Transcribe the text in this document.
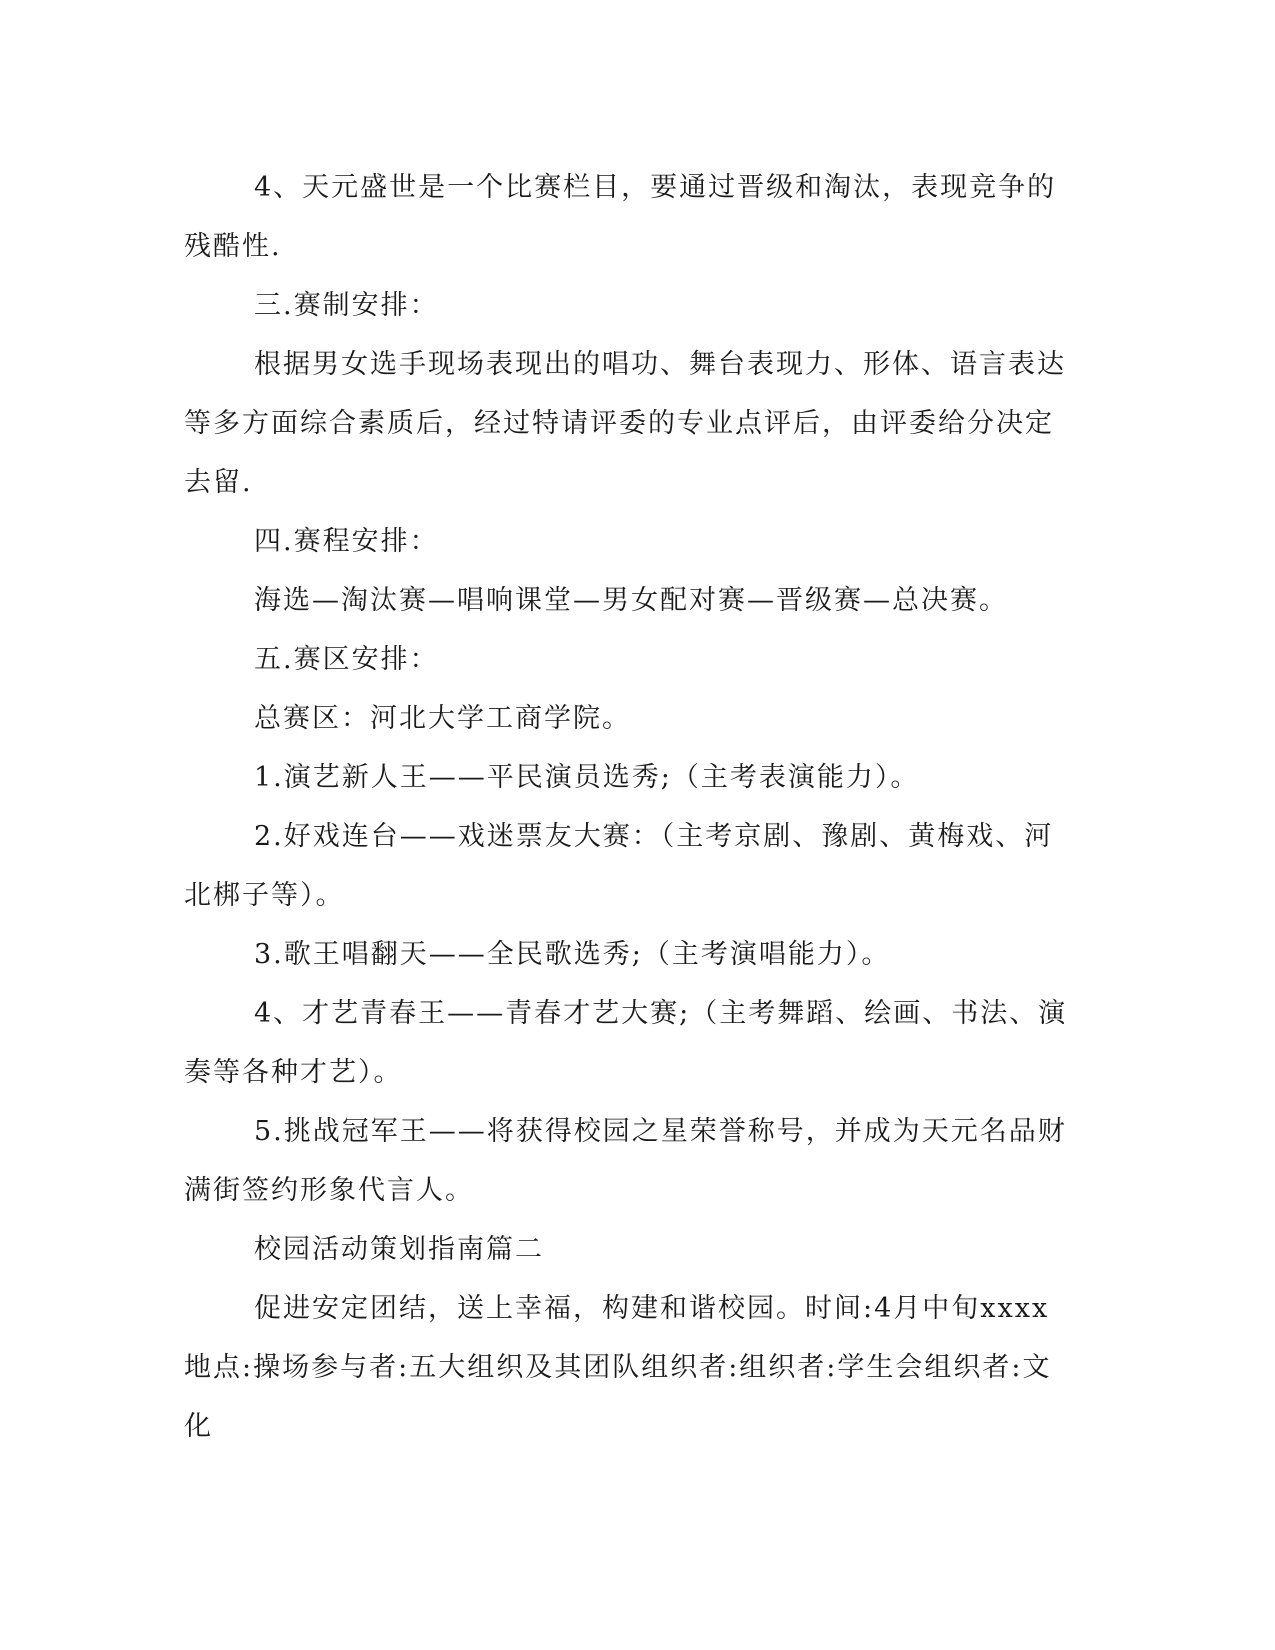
4、天元盛世是一个比赛栏目，要通过晋级和淘汰，表现竞争的残酷性.

三.赛制安排：

根据男女选手现场表现出的唱功、舞台表现力、形体、语言表达等多方面综合素质后，经过特请评委的专业点评后，由评委给分决定去留.

四.赛程安排：

海选—淘汰赛—唱响课堂—男女配对赛—晋级赛—总决赛。

五.赛区安排：

总赛区：河北大学工商学院。

1.演艺新人王——平民演员选秀;（主考表演能力）。

2.好戏连台——戏迷票友大赛：（主考京剧、豫剧、黄梅戏、河北梆子等）。

3.歌王唱翻天——全民歌选秀;（主考演唱能力）。

4、才艺青春王——青春才艺大赛;（主考舞蹈、绘画、书法、演奏等各种才艺）。

5.挑战冠军王——将获得校园之星荣誉称号，并成为天元名品财满街签约形象代言人。

校园活动策划指南篇二

促进安定团结，送上幸福，构建和谐校园。时间:4月中旬xxxx地点:操场参与者:五大组织及其团队组织者:组织者:学生会组织者:文化
